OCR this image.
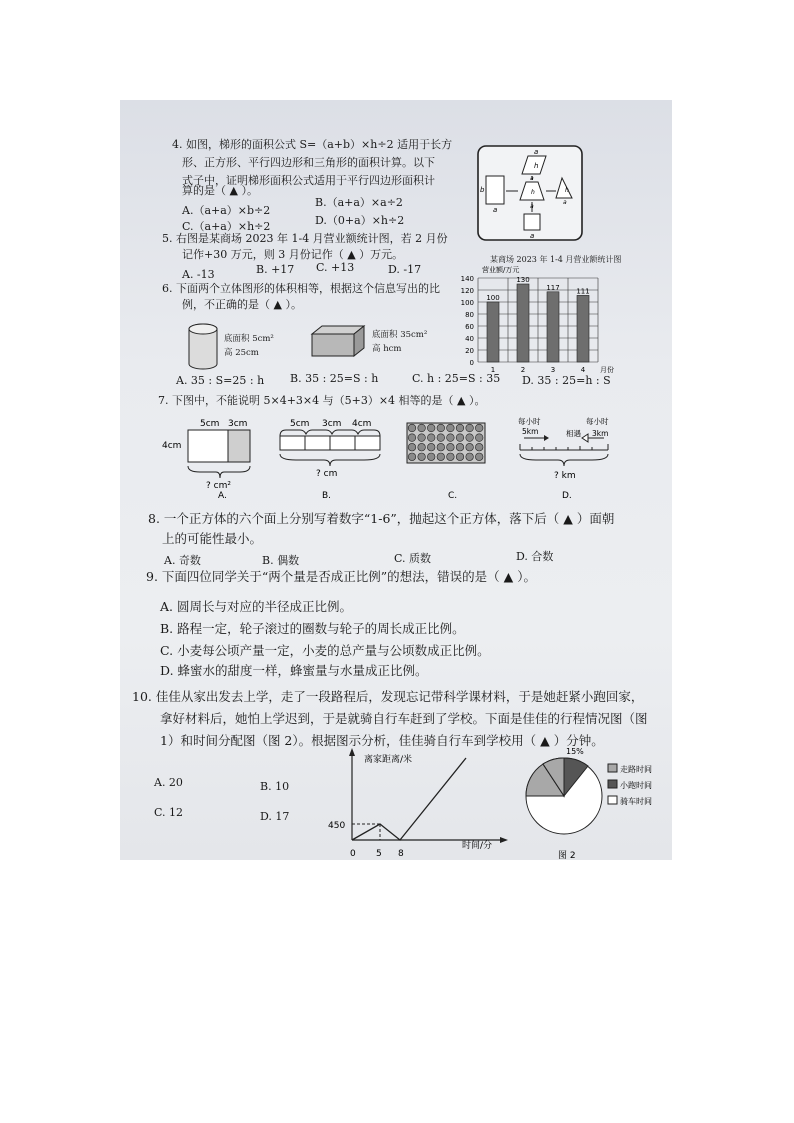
4. 如图，梯形的面积公式 S=（a+b）×h÷2 适用于长方
形、正方形、平行四边形和三角形的面积计算。以下
式子中，证明梯形面积公式适用于平行四边形面积计
算的是（ ▲ ）。
A.（a+a）×b÷2
B.（a+a）×a÷2
C.（a+a）×h÷2	D.（0+a）×h÷2
a
h
b
a
a
h
a
h
a
a
5. 右图是某商场 2023 年 1-4 月营业额统计图，若 2 月份
记作+30 万元，则 3 月份记作（ ▲ ）万元。
A. -13	B. +17 C. +13	D. -17
某商场 2023 年 1-4 月营业额统计图
0
20
40
60
80
100
120
140
100
1
130
2
117
3
111
4
营业额/万元
月份
6. 下面两个立体图形的体积相等，根据这个信息写出的比
例，不正确的是（ ▲ ）。
底面积 5cm²
高 25cm
底面积 35cm²
高 hcm
A. 35 : S=25 : h B. 35 : 25=S : h	C. h : 25=S : 35 D. 35 : 25=h : S
7. 下图中，不能说明 5×4+3×4 与（5+3）×4 相等的是（ ▲ ）。
5cm 3cm
4cm
? cm²
A.
5cm 3cm 4cm
? cm
B.	C.
每小时
5km	相遇
每小时
3km
? km
D.
8. 一个正方体的六个面上分别写着数字“1-6”，抛起这个正方体，落下后（ ▲ ）面朝
上的可能性最小。
A. 奇数	B. 偶数	C. 质数	D. 合数
9. 下面四位同学关于“两个量是否成正比例”的想法，错误的是（ ▲ ）。
A. 圆周长与对应的半径成正比例。
B. 路程一定，轮子滚过的圈数与轮子的周长成正比例。
C. 小麦每公顷产量一定，小麦的总产量与公顷数成正比例。
D. 蜂蜜水的甜度一样，蜂蜜量与水量成正比例。
10. 佳佳从家出发去上学，走了一段路程后，发现忘记带科学课材料，于是她赶紧小跑回家，
拿好材料后，她怕上学迟到，于是就骑自行车赶到了学校。下面是佳佳的行程情况图（图
1）和时间分配图（图 2）。根据图示分析，佳佳骑自行车到学校用（ ▲ ）分钟。
A. 20	B. 10
C. 12	D. 17
离家距离/米
时间/分
450
0 5 8
15%
走路时间
小跑时间
骑车时间
图 2
